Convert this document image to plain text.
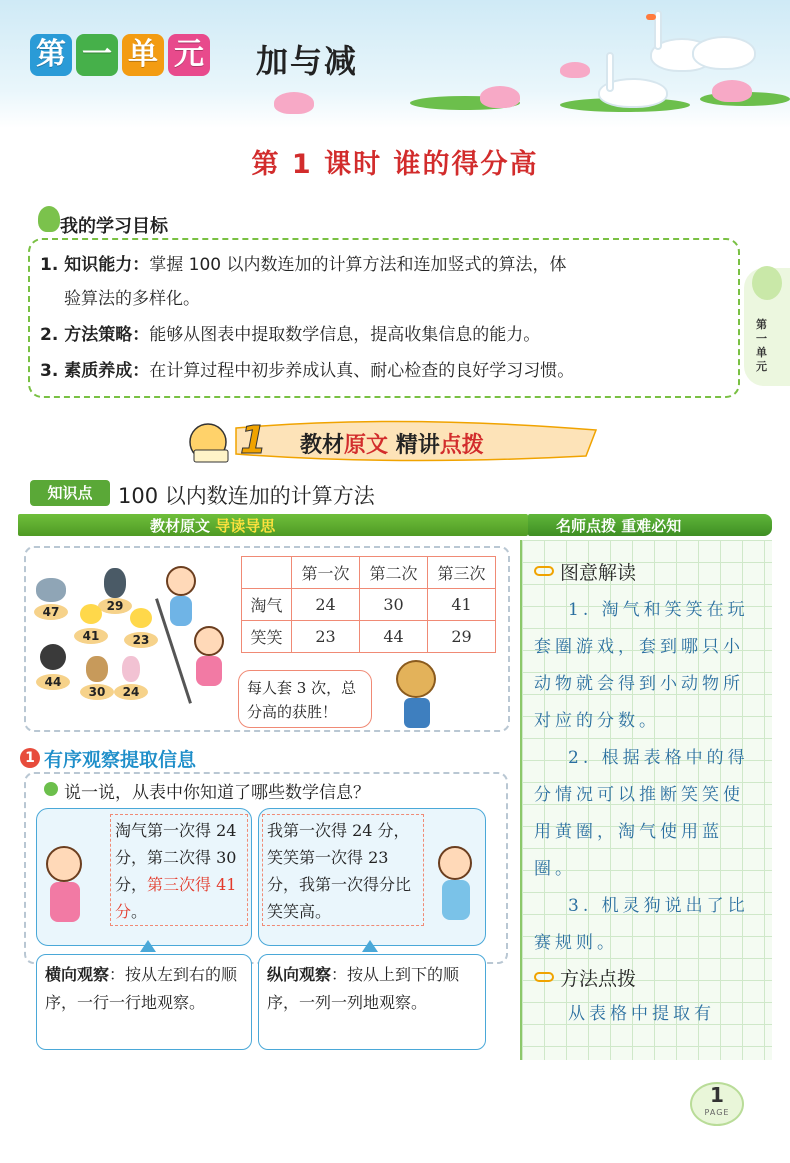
第 一 单 元 加与减
第 1 课时 谁的得分高
我的学习目标
1. 知识能力：掌握 100 以内数连加的计算方法和连加竖式的算法，体
验算法的多样化。
2. 方法策略：能够从图表中提取数学信息，提高收集信息的能力。
3. 素质养成：在计算过程中初步养成认真、耐心检查的良好学习习惯。
第一单元
1 教材原文 精讲点拨
知识点	100 以内数连加的计算方法
教材原文 导读导思	名师点拨 重难必知
47	29
41	23
44
30	24
	第一次	第二次	第三次
淘气	24	30	41
笑笑	23	44	29
每人套 3 次，总分高的获胜！
1 有序观察提取信息
说一说，从表中你知道了哪些数学信息？
淘气第一次得 24 分，第二次得 30 分，第三次得 41 分。
我第一次得 24 分，笑笑第一次得 23 分，我第一次得分比笑笑高。
横向观察：按从左到右的顺序，一行一行地观察。
纵向观察：按从上到下的顺序，一列一列地观察。
图意解读
1. 淘气和笑笑在玩套圈游戏，套到哪只小动物就会得到小动物所对应的分数。
2. 根据表格中的得分情况可以推断笑笑使用黄圈，淘气使用蓝圈。
3. 机灵狗说出了比赛规则。
方法点拨
从表格中提取有
1
PAGE
